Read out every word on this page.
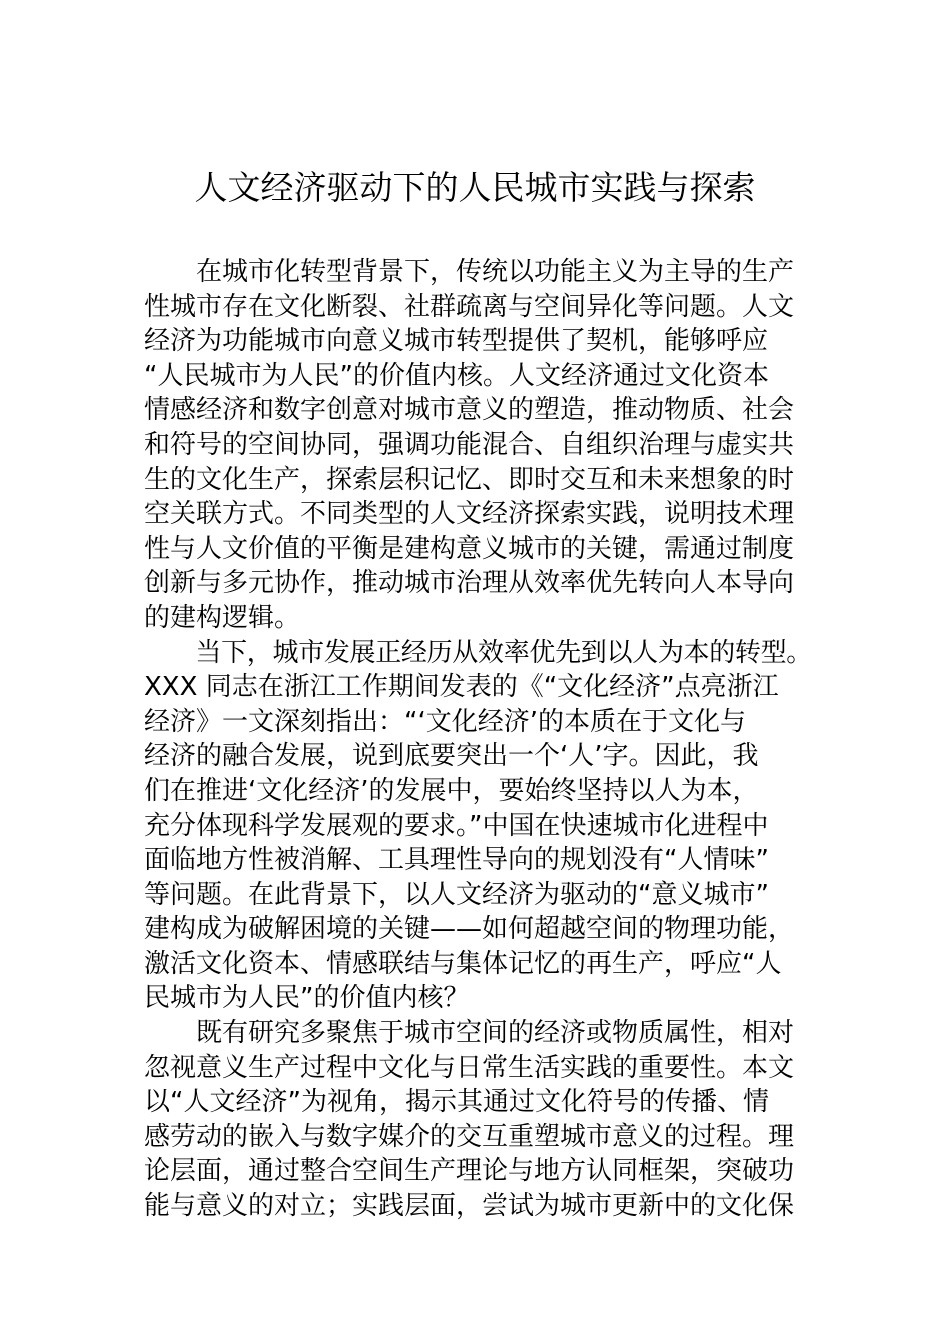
人文经济驱动下的人民城市实践与探索
　　在城市化转型背景下，传统以功能主义为主导的生产
性城市存在文化断裂、社群疏离与空间异化等问题。人文
经济为功能城市向意义城市转型提供了契机，能够呼应
“人民城市为人民”的价值内核。人文经济通过文化资本
情感经济和数字创意对城市意义的塑造，推动物质、社会
和符号的空间协同，强调功能混合、自组织治理与虚实共
生的文化生产，探索层积记忆、即时交互和未来想象的时
空关联方式。不同类型的人文经济探索实践，说明技术理
性与人文价值的平衡是建构意义城市的关键，需通过制度
创新与多元协作，推动城市治理从效率优先转向人本导向
的建构逻辑。
　　当下，城市发展正经历从效率优先到以人为本的转型。
XXX 同志在浙江工作期间发表的《“文化经济”点亮浙江
经济》一文深刻指出：“‘文化经济’的本质在于文化与
经济的融合发展，说到底要突出一个‘人’字。因此，我
们在推进‘文化经济’的发展中，要始终坚持以人为本，
充分体现科学发展观的要求。”中国在快速城市化进程中
面临地方性被消解、工具理性导向的规划没有“人情味”
等问题。在此背景下，以人文经济为驱动的“意义城市”
建构成为破解困境的关键——如何超越空间的物理功能，
激活文化资本、情感联结与集体记忆的再生产，呼应“人
民城市为人民”的价值内核？
　　既有研究多聚焦于城市空间的经济或物质属性，相对
忽视意义生产过程中文化与日常生活实践的重要性。本文
以“人文经济”为视角，揭示其通过文化符号的传播、情
感劳动的嵌入与数字媒介的交互重塑城市意义的过程。理
论层面，通过整合空间生产理论与地方认同框架，突破功
能与意义的对立；实践层面，尝试为城市更新中的文化保
